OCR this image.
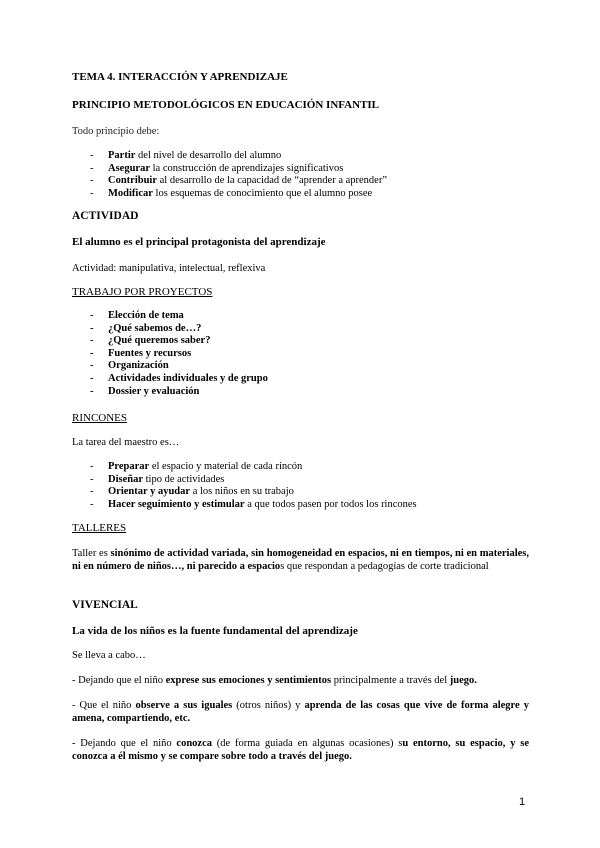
TEMA 4. INTERACCIÓN Y APRENDIZAJE
PRINCIPIO METODOLÓGICOS EN EDUCACIÓN INFANTIL
Todo principio debe:
- Partir del nivel de desarrollo del alumno
- Asegurar la construcción de aprendizajes significativos
- Contribuir al desarrollo de la capacidad de “aprender a aprender”
- Modificar los esquemas de conocimiento que el alumno posee
ACTIVIDAD
El alumno es el principal protagonista del aprendizaje
Actividad: manipulativa, intelectual, reflexiva
TRABAJO POR PROYECTOS
- Elección de tema
- ¿Qué sabemos de…?
- ¿Qué queremos saber?
- Fuentes y recursos
- Organización
- Actividades individuales y de grupo
- Dossier y evaluación
RINCONES
La tarea del maestro es…
- Preparar el espacio y material de cada rincón
- Diseñar tipo de actividades
- Orientar y ayudar a los niños en su trabajo
- Hacer seguimiento y estimular a que todos pasen por todos los rincones
TALLERES
Taller es sinónimo de actividad variada, sin homogeneidad en espacios, ni en tiempos, ni en materiales, ni en número de niños…, ni parecido a espacios que respondan a pedagogías de corte tradicional
VIVENCIAL
La vida de los niños es la fuente fundamental del aprendizaje
Se lleva a cabo…
- Dejando que el niño exprese sus emociones y sentimientos principalmente a través del juego.
- Que el niño observe a sus iguales (otros niños) y aprenda de las cosas que vive de forma alegre y amena, compartiendo, etc.
- Dejando que el niño conozca (de forma guiada en algunas ocasiones) su entorno, su espacio, y se conozca a él mismo y se compare sobre todo a través del juego.
1
